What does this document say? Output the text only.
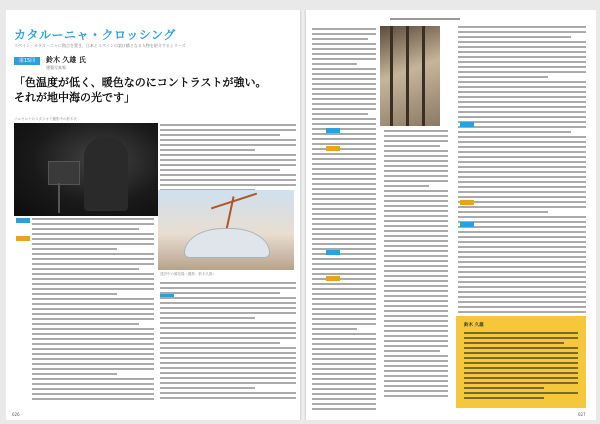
カタルーニャ・クロッシング
スペイン・カタルーニャに拠点を置き、日本とスペインの架け橋となる人物を紹介するシリーズ
第15回	鈴木 久雄 氏
建築写真家
「色温度が低く、暖色なのにコントラストが強い。
それが地中海の光です」
バルセロナのスタジオで撮影中の鈴木氏
建設中の競技場（撮影：鈴木久雄）
鈴木 久雄
026	027
